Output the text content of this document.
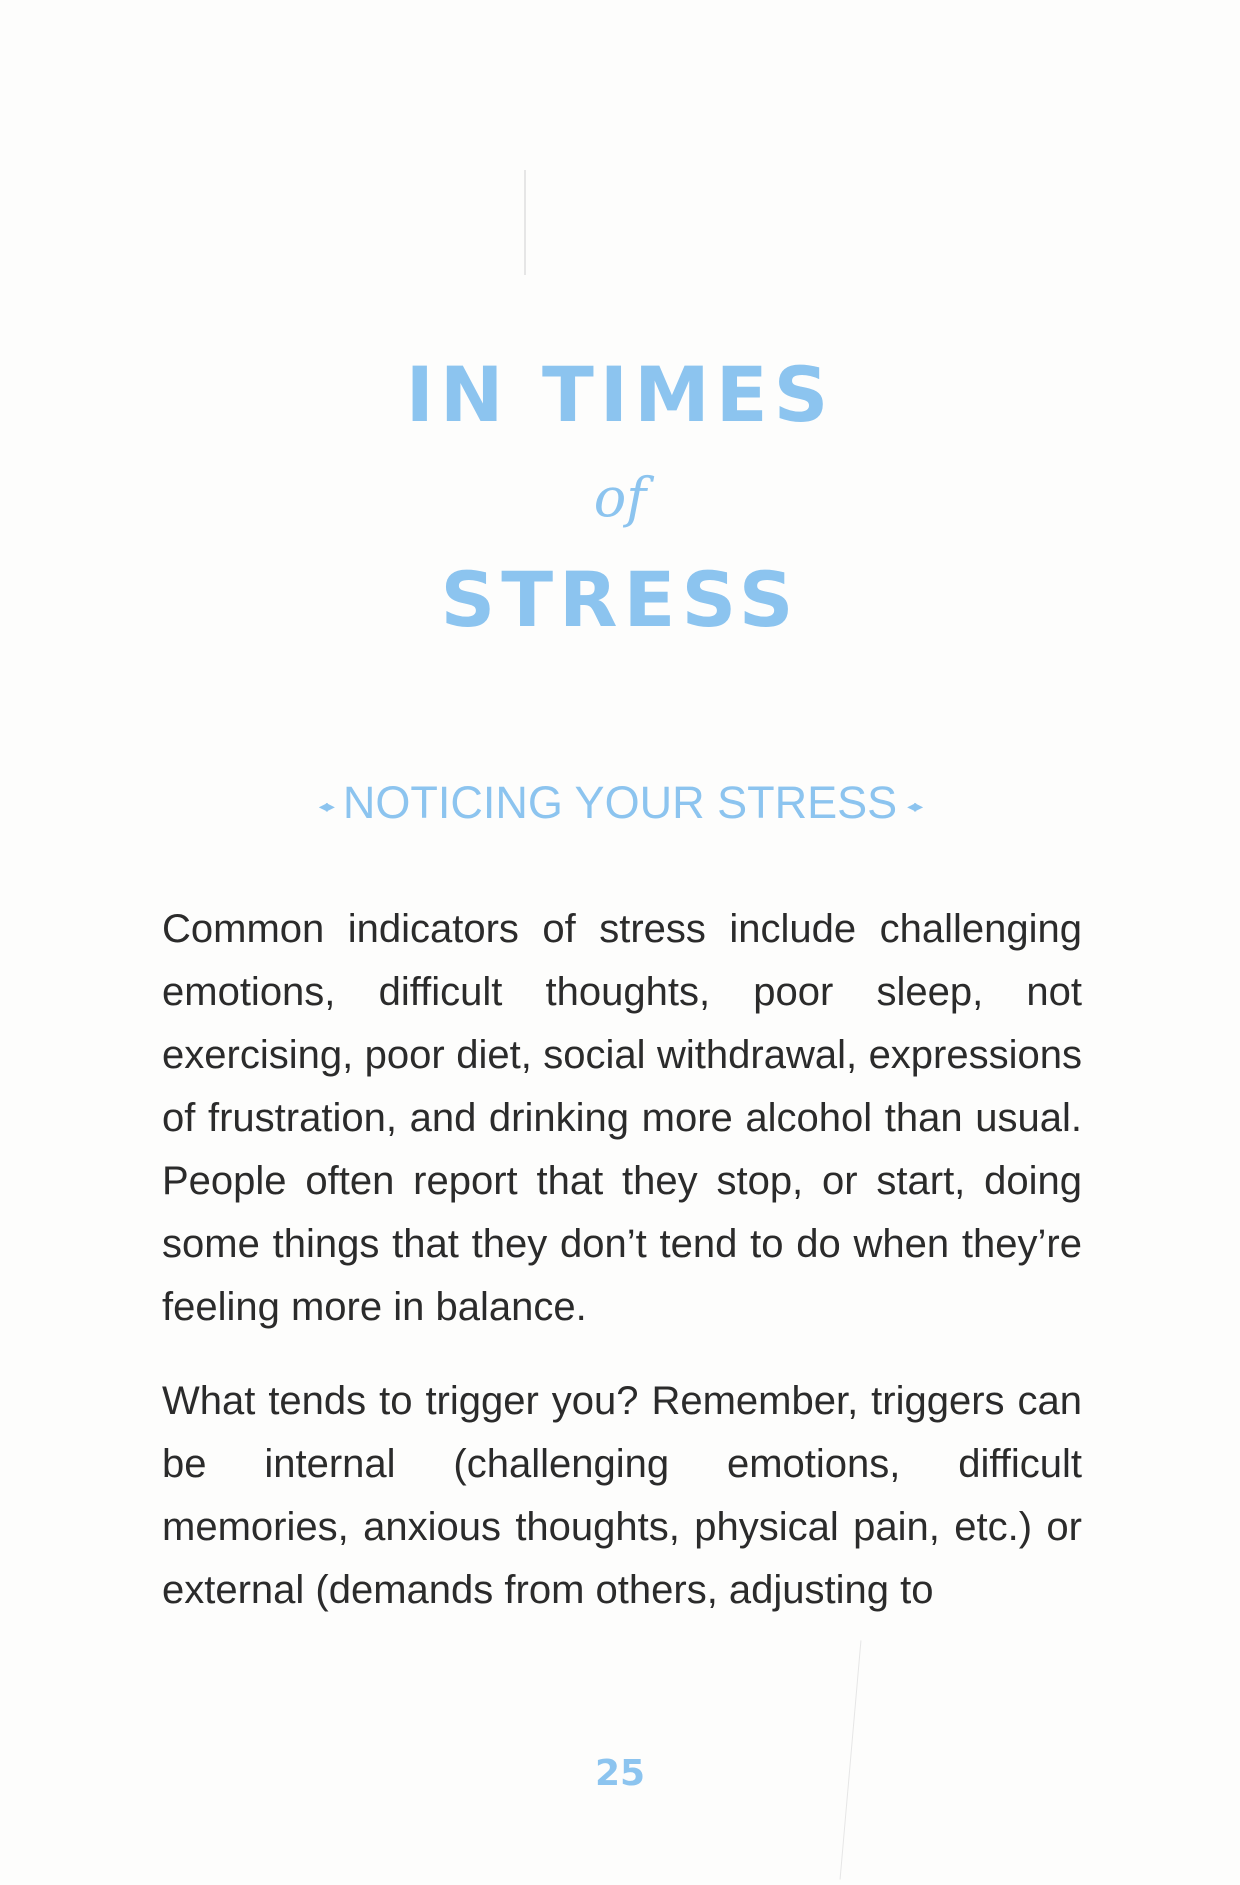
IN TIMES
of
STRESS
◂▸ NOTICING YOUR STRESS ◂▸

Common indicators of stress include challenging emotions, difficult thoughts, poor sleep, not exercising, poor diet, social withdrawal, expressions of frustration, and drinking more alcohol than usual. People often report that they stop, or start, doing some things that they don’t tend to do when they’re feeling more in balance.

What tends to trigger you? Remember, triggers can be internal (challenging emotions, difficult memories, anxious thoughts, physical pain, etc.) or external (demands from others, adjusting to

25
